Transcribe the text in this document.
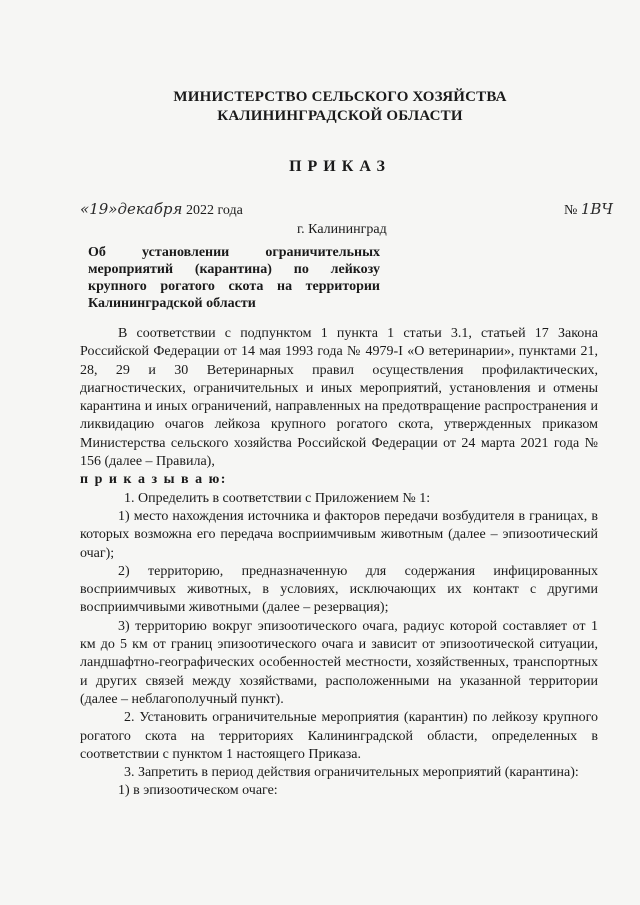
МИНИСТЕРСТВО СЕЛЬСКОГО ХОЗЯЙСТВА
КАЛИНИНГРАДСКОЙ ОБЛАСТИ
ПРИКАЗ
«19»декабря 2022 года	№ 1ВЧ
г. Калининград
Об установлении ограничительных мероприятий (карантина) по лейкозу крупного рогатого скота на территории Калининградской области

В соответствии с подпунктом 1 пункта 1 статьи 3.1, статьей 17 Закона Российской Федерации от 14 мая 1993 года № 4979-I «О ветеринарии», пунктами 21, 28, 29 и 30 Ветеринарных правил осуществления профилактических, диагностических, ограничительных и иных мероприятий, установления и отмены карантина и иных ограничений, направленных на предотвращение распространения и ликвидацию очагов лейкоза крупного рогатого скота, утвержденных приказом Министерства сельского хозяйства Российской Федерации от 24 марта 2021 года № 156 (далее – Правила),

п р и к а з ы в а ю:

1. Определить в соответствии с Приложением № 1:

1) место нахождения источника и факторов передачи возбудителя в границах, в которых возможна его передача восприимчивым животным (далее – эпизоотический очаг);

2) территорию, предназначенную для содержания инфицированных восприимчивых животных, в условиях, исключающих их контакт с другими восприимчивыми животными (далее – резервация);

3) территорию вокруг эпизоотического очага, радиус которой составляет от 1 км до 5 км от границ эпизоотического очага и зависит от эпизоотической ситуации, ландшафтно-географических особенностей местности, хозяйственных, транспортных и других связей между хозяйствами, расположенными на указанной территории (далее – неблагополучный пункт).

2. Установить ограничительные мероприятия (карантин) по лейкозу крупного рогатого скота на территориях Калининградской области, определенных в соответствии с пунктом 1 настоящего Приказа.

3. Запретить в период действия ограничительных мероприятий (карантина):

1) в эпизоотическом очаге:
